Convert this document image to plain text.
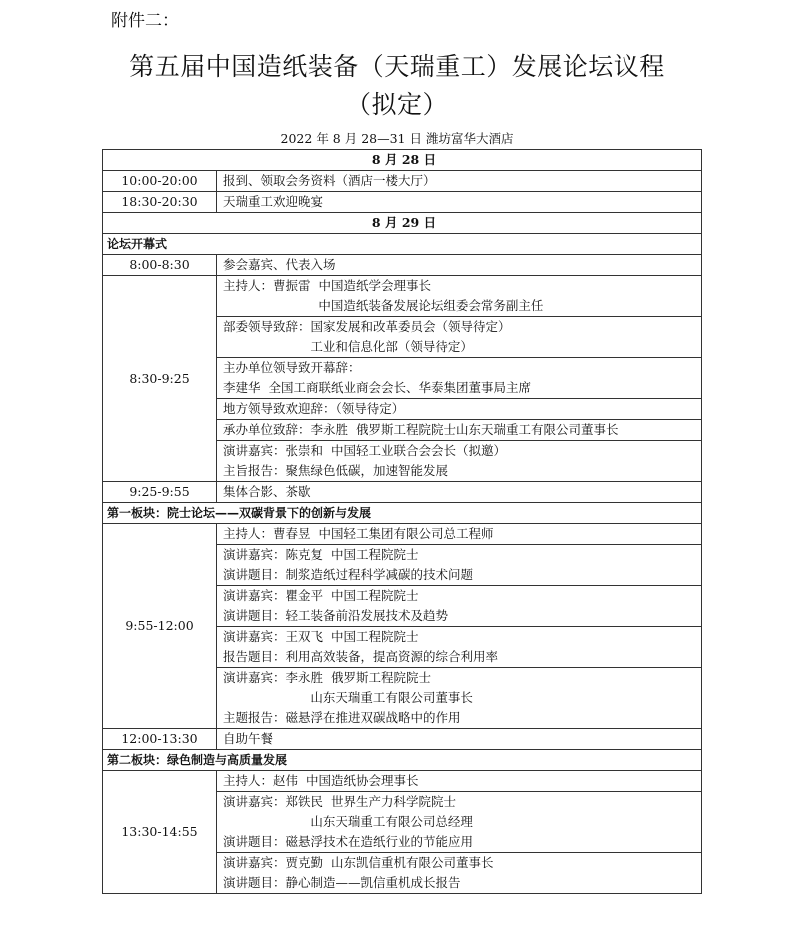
附件二：
第五届中国造纸装备（天瑞重工）发展论坛议程
（拟定）
2022 年 8 月 28—31 日 潍坊富华大酒店
8 月 28 日	
10:00-20:00	报到、领取会务资料（酒店一楼大厅）

18:30-20:30	天瑞重工欢迎晚宴

8 月 29 日	
论坛开幕式	
8:00-8:30	参会嘉宾、代表入场

8:30-9:25	主持人：曹振雷  中国造纸学会理事长
中国造纸装备发展论坛组委会常务副主任

	部委领导致辞：国家发展和改革委员会（领导待定）
工业和信息化部（领导待定）

	主办单位领导致开幕辞：
李建华  全国工商联纸业商会会长、华泰集团董事局主席

	地方领导致欢迎辞：（领导待定）

	承办单位致辞：李永胜  俄罗斯工程院院士山东天瑞重工有限公司董事长

	演讲嘉宾：张崇和  中国轻工业联合会会长（拟邀）
主旨报告：聚焦绿色低碳，加速智能发展

9:25-9:55	集体合影、茶歇

第一板块：院士论坛——双碳背景下的创新与发展	
9:55-12:00	主持人：曹春昱  中国轻工集团有限公司总工程师

	演讲嘉宾：陈克复  中国工程院院士
演讲题目：制浆造纸过程科学减碳的技术问题

	演讲嘉宾：瞿金平  中国工程院院士
演讲题目：轻工装备前沿发展技术及趋势

	演讲嘉宾：王双飞  中国工程院院士
报告题目：利用高效装备，提高资源的综合利用率

	演讲嘉宾：李永胜  俄罗斯工程院院士
山东天瑞重工有限公司董事长
主题报告：磁悬浮在推进双碳战略中的作用

12:00-13:30	自助午餐

第二板块：绿色制造与高质量发展	
13:30-14:55	主持人：赵伟  中国造纸协会理事长

	演讲嘉宾：郑铁民  世界生产力科学院院士
山东天瑞重工有限公司总经理
演讲题目：磁悬浮技术在造纸行业的节能应用

	演讲嘉宾：贾克勤  山东凯信重机有限公司董事长
演讲题目：静心制造——凯信重机成长报告
